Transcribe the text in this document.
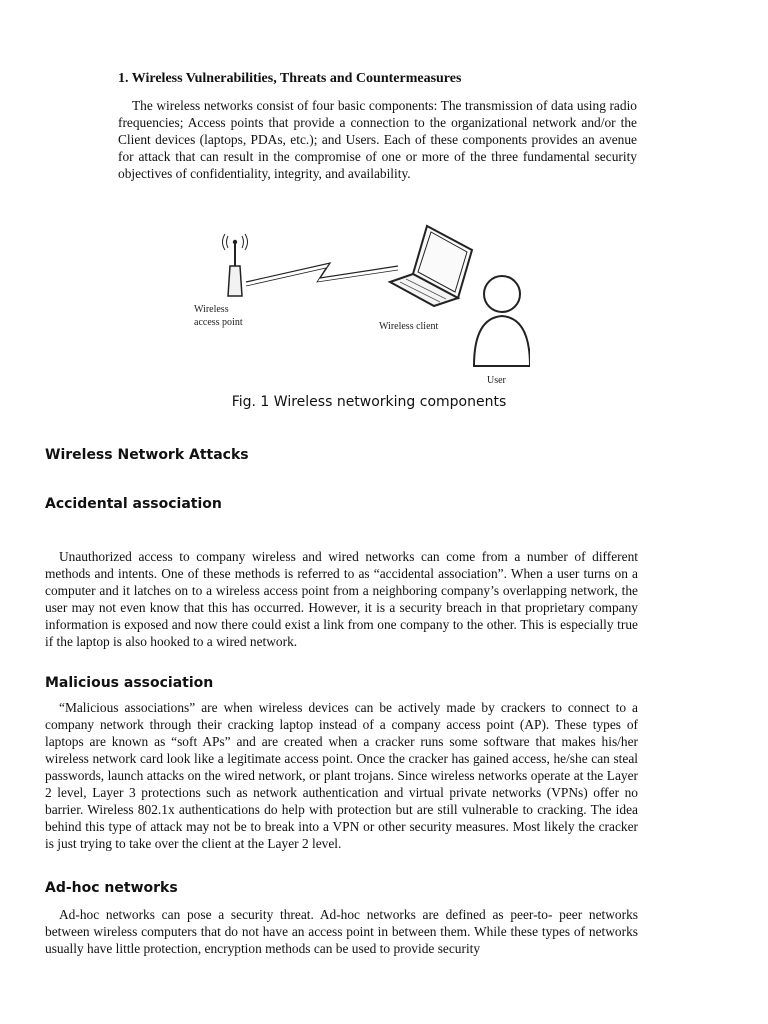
1. Wireless Vulnerabilities, Threats and Countermeasures

The wireless networks consist of four basic components: The transmission of data using radio frequencies; Access points that provide a connection to the organizational network and/or the Client devices (laptops, PDAs, etc.); and Users. Each of these components provides an avenue for attack that can result in the compromise of one or more of the three fundamental security objectives of confidentiality, integrity, and availability.

Wireless
access point	Wireless client
User

Fig. 1 Wireless networking components

Wireless Network Attacks
Accidental association

Unauthorized access to company wireless and wired networks can come from a number of different methods and intents. One of these methods is referred to as “accidental association”. When a user turns on a computer and it latches on to a wireless access point from a neighboring company’s overlapping network, the user may not even know that this has occurred. However, it is a security breach in that proprietary company information is exposed and now there could exist a link from one company to the other. This is especially true if the laptop is also hooked to a wired network.

Malicious association

“Malicious associations” are when wireless devices can be actively made by crackers to connect to a company network through their cracking laptop instead of a company access point (AP). These types of laptops are known as “soft APs” and are created when a cracker runs some software that makes his/her wireless network card look like a legitimate access point. Once the cracker has gained access, he/she can steal passwords, launch attacks on the wired network, or plant trojans. Since wireless networks operate at the Layer 2 level, Layer 3 protections such as network authentication and virtual private networks (VPNs) offer no barrier. Wireless 802.1x authentications do help with protection but are still vulnerable to cracking. The idea behind this type of attack may not be to break into a VPN or other security measures. Most likely the cracker is just trying to take over the client at the Layer 2 level.

Ad-hoc networks

Ad-hoc networks can pose a security threat. Ad-hoc networks are defined as peer-to- peer networks between wireless computers that do not have an access point in between them. While these types of networks usually have little protection, encryption methods can be used to provide security
